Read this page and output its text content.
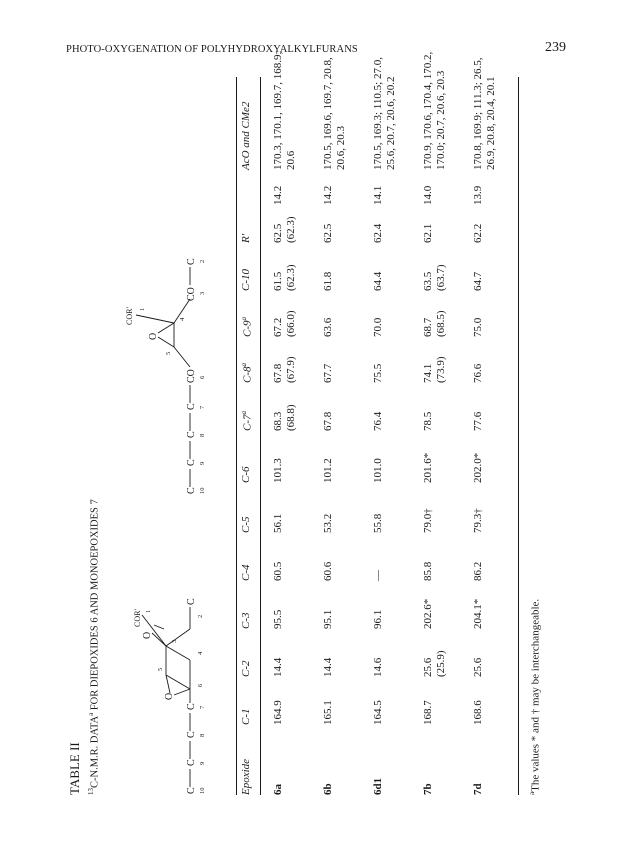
PHOTO-OXYGENATION OF POLYHYDROXYALKYLFURANS	239
TABLE II $^{13}$C-N.M.R. DATA$^a$ FOR DIEPOXIDES 6 AND MONOEPOXIDES 7
C
C
C
C
C
O
O
COR'
10
9
8
7
6
5
4
3
2
1
C
C
C
C
CO
O
CO
C
COR'
10
9
8
7
6
5
4
3
2
1
Epoxide
C-1
C-2
C-3
C-4
C-5
C-6
C-7$^a$
C-8$^a$
C-9$^a$
C-10
R'
AcO and CMe2
6a
164.9
14.4
95.5
60.5
56.1
101.3
68.3 (68.8)
67.8 (67.9)
67.2 (66.0)
61.5 (62.3)
62.5 (62.3)
14.2
170.3, 170.1, 169.7, 168.9; 20.6
6b
165.1
14.4
95.1
60.6
53.2
101.2
67.8
67.7
63.6
61.8
62.5
14.2
170.5, 169.6, 169.7, 20.8, 20.6, 20.3
6d1
164.5
14.6
96.1
—
55.8
101.0
76.4
75.5
70.0
64.4
62.4
14.1
170.5, 169.3; 110.5; 27.0, 25.6, 20.7, 20.6, 20.2
7b
168.7
25.6 (25.9)
202.6*
85.8
79.0†
201.6*
78.5
74.1 (73.9)
68.7 (68.5)
63.5 (63.7)
62.1
14.0
170.9, 170.6, 170.4, 170.2, 170.0; 20.7, 20.6, 20.3
7d
168.6
25.6
204.1*
86.2
79.3†
202.0*
77.6
76.6
75.0
64.7
62.2
13.9
170.8, 169.9; 111.3; 26.5, 26.9, 20.8, 20.4, 20.1
$^a$The values * and † may be interchangeable.
